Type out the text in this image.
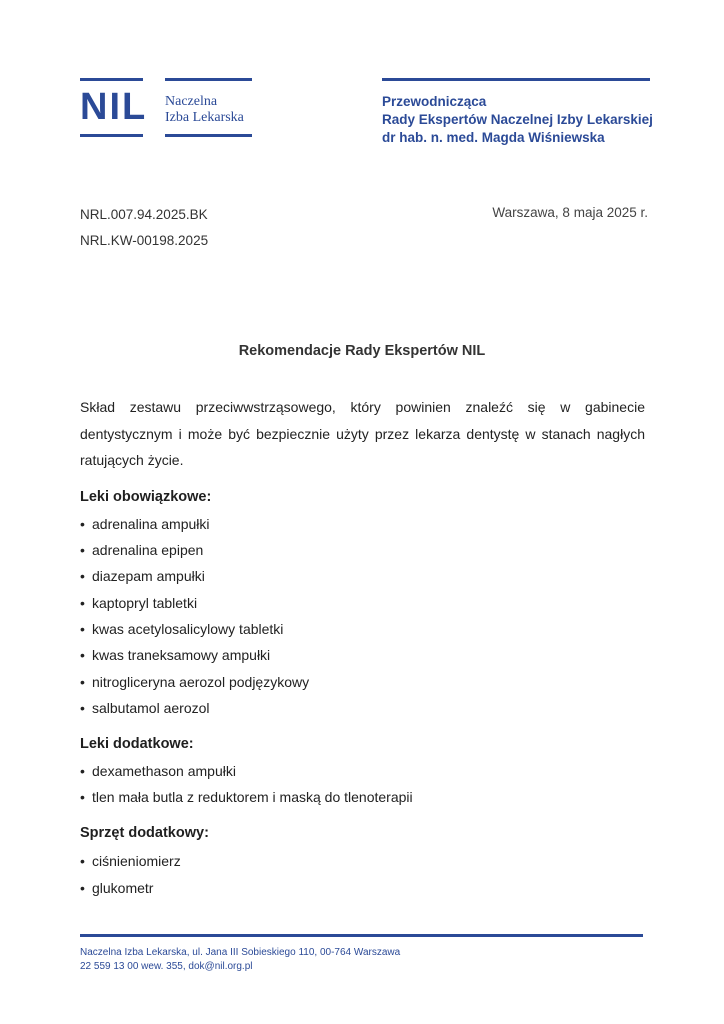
NIL Naczelna
Izba Lekarska
Przewodnicząca
Rady Ekspertów Naczelnej Izby Lekarskiej
dr hab. n. med. Magda Wiśniewska
NRL.007.94.2025.BK
NRL.KW-00198.2025
Warszawa, 8 maja 2025 r.
Rekomendacje Rady Ekspertów NIL
Skład zestawu przeciwwstrząsowego, który powinien znaleźć się w gabinecie dentystycznym i może być bezpiecznie użyty przez lekarza dentystę w stanach nagłych ratujących życie.
Leki obowiązkowe:
• adrenalina ampułki
• adrenalina epipen
• diazepam ampułki
• kaptopryl tabletki
• kwas acetylosalicylowy tabletki
• kwas traneksamowy ampułki
• nitrogliceryna aerozol podjęzykowy
• salbutamol aerozol
Leki dodatkowe:
• dexamethason ampułki
• tlen mała butla z reduktorem i maską do tlenoterapii
Sprzęt dodatkowy:
• ciśnieniomierz
• glukometr
Naczelna Izba Lekarska, ul. Jana III Sobieskiego 110, 00-764 Warszawa
22 559 13 00 wew. 355, dok@nil.org.pl
